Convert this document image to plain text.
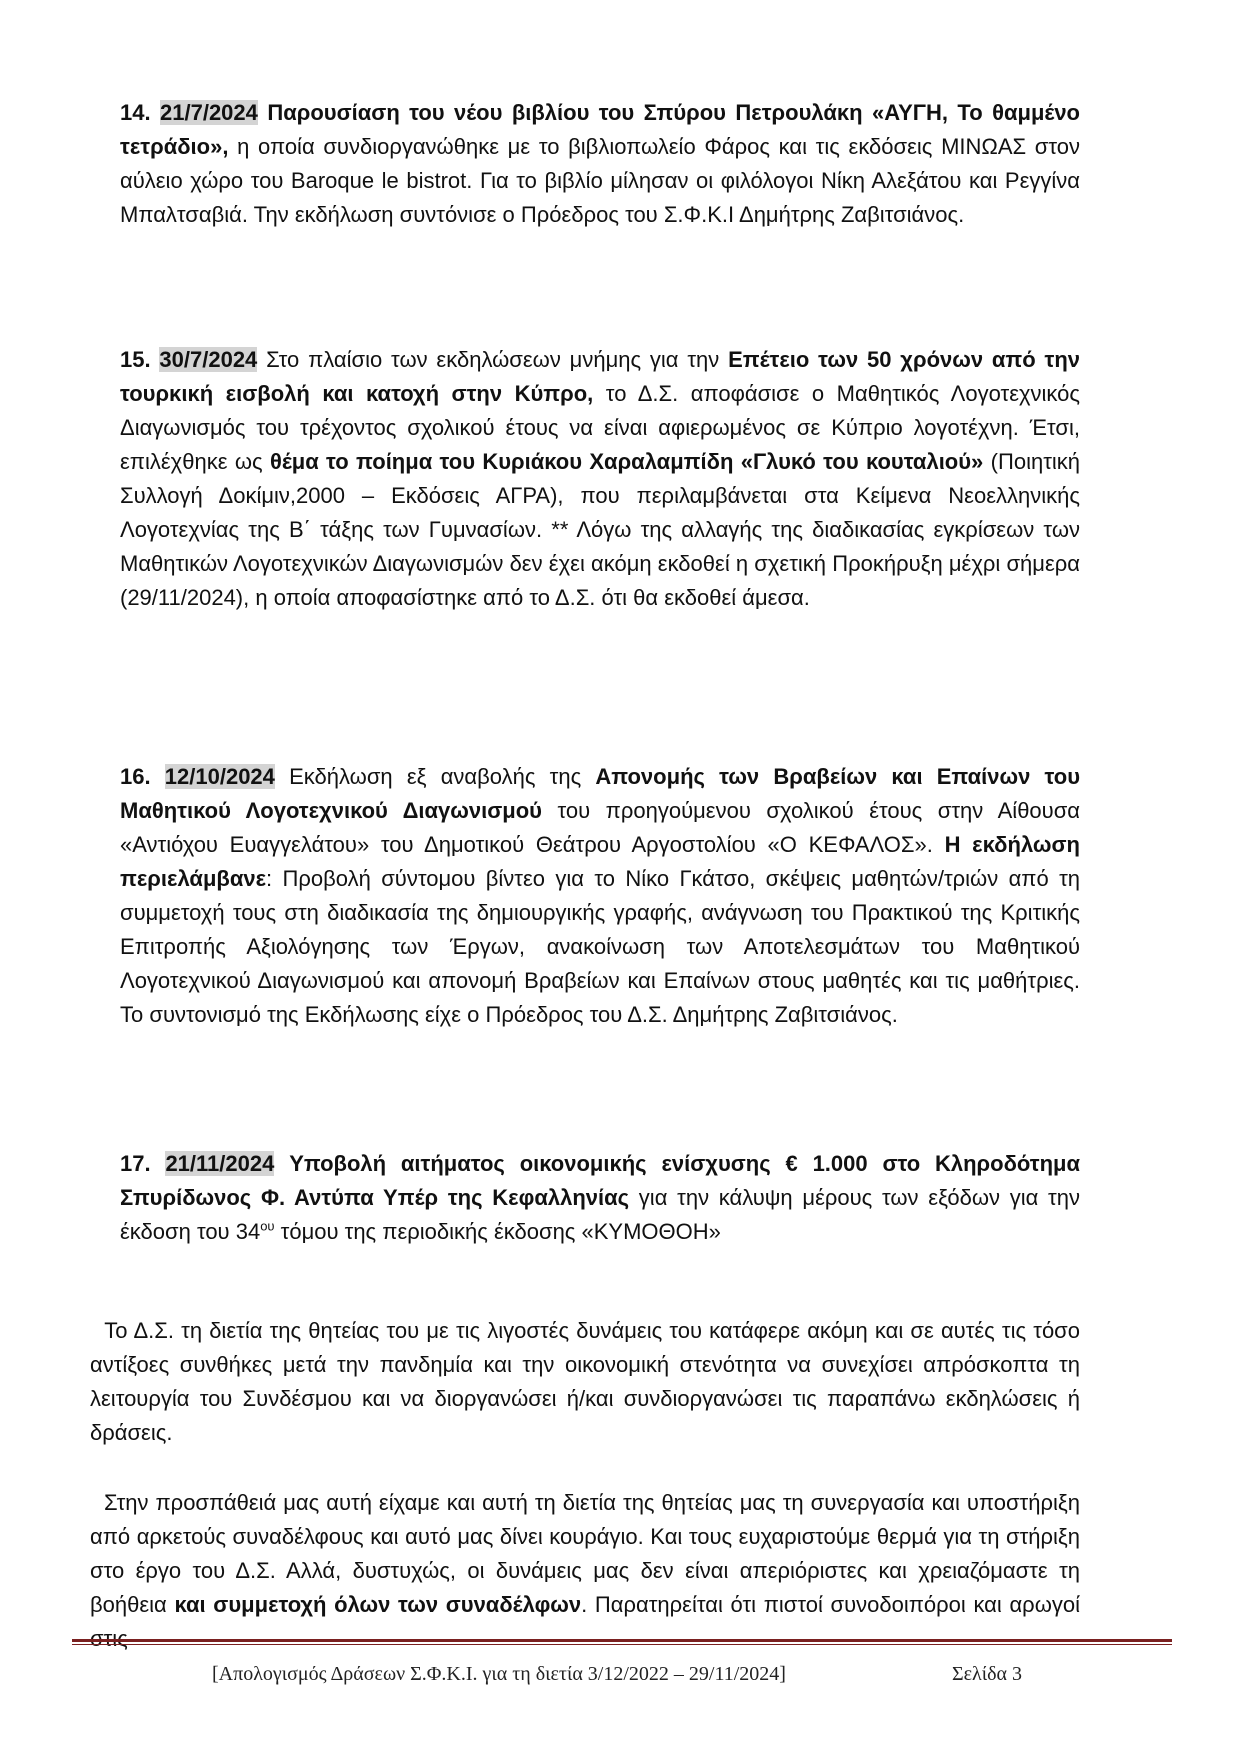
14. 21/7/2024 Παρουσίαση του νέου βιβλίου του Σπύρου Πετρουλάκη «ΑΥΓΗ, Το θαμμένο τετράδιο», η οποία συνδιοργανώθηκε με το βιβλιοπωλείο Φάρος και τις εκδόσεις ΜΙΝΩΑΣ στον αύλειο χώρο του Baroque le bistrot. Για το βιβλίο μίλησαν οι φιλόλογοι Νίκη Αλεξάτου και Ρεγγίνα Μπαλτσαβιά. Την εκδήλωση συντόνισε ο Πρόεδρος του Σ.Φ.Κ.Ι Δημήτρης Ζαβιτσιάνος.

15. 30/7/2024 Στο πλαίσιο των εκδηλώσεων μνήμης για την Επέτειο των 50 χρόνων από την τουρκική εισβολή και κατοχή στην Κύπρο, το Δ.Σ. αποφάσισε ο Μαθητικός Λογοτεχνικός Διαγωνισμός του τρέχοντος σχολικού έτους να είναι αφιερωμένος σε Κύπριο λογοτέχνη. Έτσι, επιλέχθηκε ως θέμα το ποίημα του Κυριάκου Χαραλαμπίδη «Γλυκό του κουταλιού» (Ποιητική Συλλογή Δοκίμιν,2000 – Εκδόσεις ΑΓΡΑ), που περιλαμβάνεται στα Κείμενα Νεοελληνικής Λογοτεχνίας της Β΄ τάξης των Γυμνασίων. ** Λόγω της αλλαγής της διαδικασίας εγκρίσεων των Μαθητικών Λογοτεχνικών Διαγωνισμών δεν έχει ακόμη εκδοθεί η σχετική Προκήρυξη μέχρι σήμερα (29/11/2024), η οποία αποφασίστηκε από το Δ.Σ. ότι θα εκδοθεί άμεσα.

16. 12/10/2024 Εκδήλωση εξ αναβολής της Απονομής των Βραβείων και Επαίνων του Μαθητικού Λογοτεχνικού Διαγωνισμού του προηγούμενου σχολικού έτους στην Αίθουσα «Αντιόχου Ευαγγελάτου» του Δημοτικού Θεάτρου Αργοστολίου «Ο ΚΕΦΑΛΟΣ». Η εκδήλωση περιελάμβανε: Προβολή σύντομου βίντεο για το Νίκο Γκάτσο, σκέψεις μαθητών/τριών από τη συμμετοχή τους στη διαδικασία της δημιουργικής γραφής, ανάγνωση του Πρακτικού της Κριτικής Επιτροπής Αξιολόγησης των Έργων, ανακοίνωση των Αποτελεσμάτων του Μαθητικού Λογοτεχνικού Διαγωνισμού και απονομή Βραβείων και Επαίνων στους μαθητές και τις μαθήτριες. Το συντονισμό της Εκδήλωσης είχε ο Πρόεδρος του Δ.Σ. Δημήτρης Ζαβιτσιάνος.

17. 21/11/2024 Υποβολή αιτήματος οικονομικής ενίσχυσης € 1.000 στο Κληροδότημα Σπυρίδωνος Φ. Αντύπα Υπέρ της Κεφαλληνίας για την κάλυψη μέρους των εξόδων για την έκδοση του $34^{o\upsilon}$ τόμου της περιοδικής έκδοσης «ΚΥΜΟΘΟΗ»

Το Δ.Σ. τη διετία της θητείας του με τις λιγοστές δυνάμεις του κατάφερε ακόμη και σε αυτές τις τόσο αντίξοες συνθήκες μετά την πανδημία και την οικονομική στενότητα να συνεχίσει απρόσκοπτα τη λειτουργία του Συνδέσμου και να διοργανώσει ή/και συνδιοργανώσει τις παραπάνω εκδηλώσεις ή δράσεις.

Στην προσπάθειά μας αυτή είχαμε και αυτή τη διετία της θητείας μας τη συνεργασία και υποστήριξη από αρκετούς συναδέλφους και αυτό μας δίνει κουράγιο. Και τους ευχαριστούμε θερμά για τη στήριξη στο έργο του Δ.Σ. Αλλά, δυστυχώς, οι δυνάμεις μας δεν είναι απεριόριστες και χρειαζόμαστε τη βοήθεια και συμμετοχή όλων των συναδέλφων. Παρατηρείται ότι πιστοί συνοδοιπόροι και αρωγοί στις

[Απολογισμός Δράσεων Σ.Φ.Κ.Ι. για τη διετία 3/12/2022 – 29/11/2024]	Σελίδα 3
